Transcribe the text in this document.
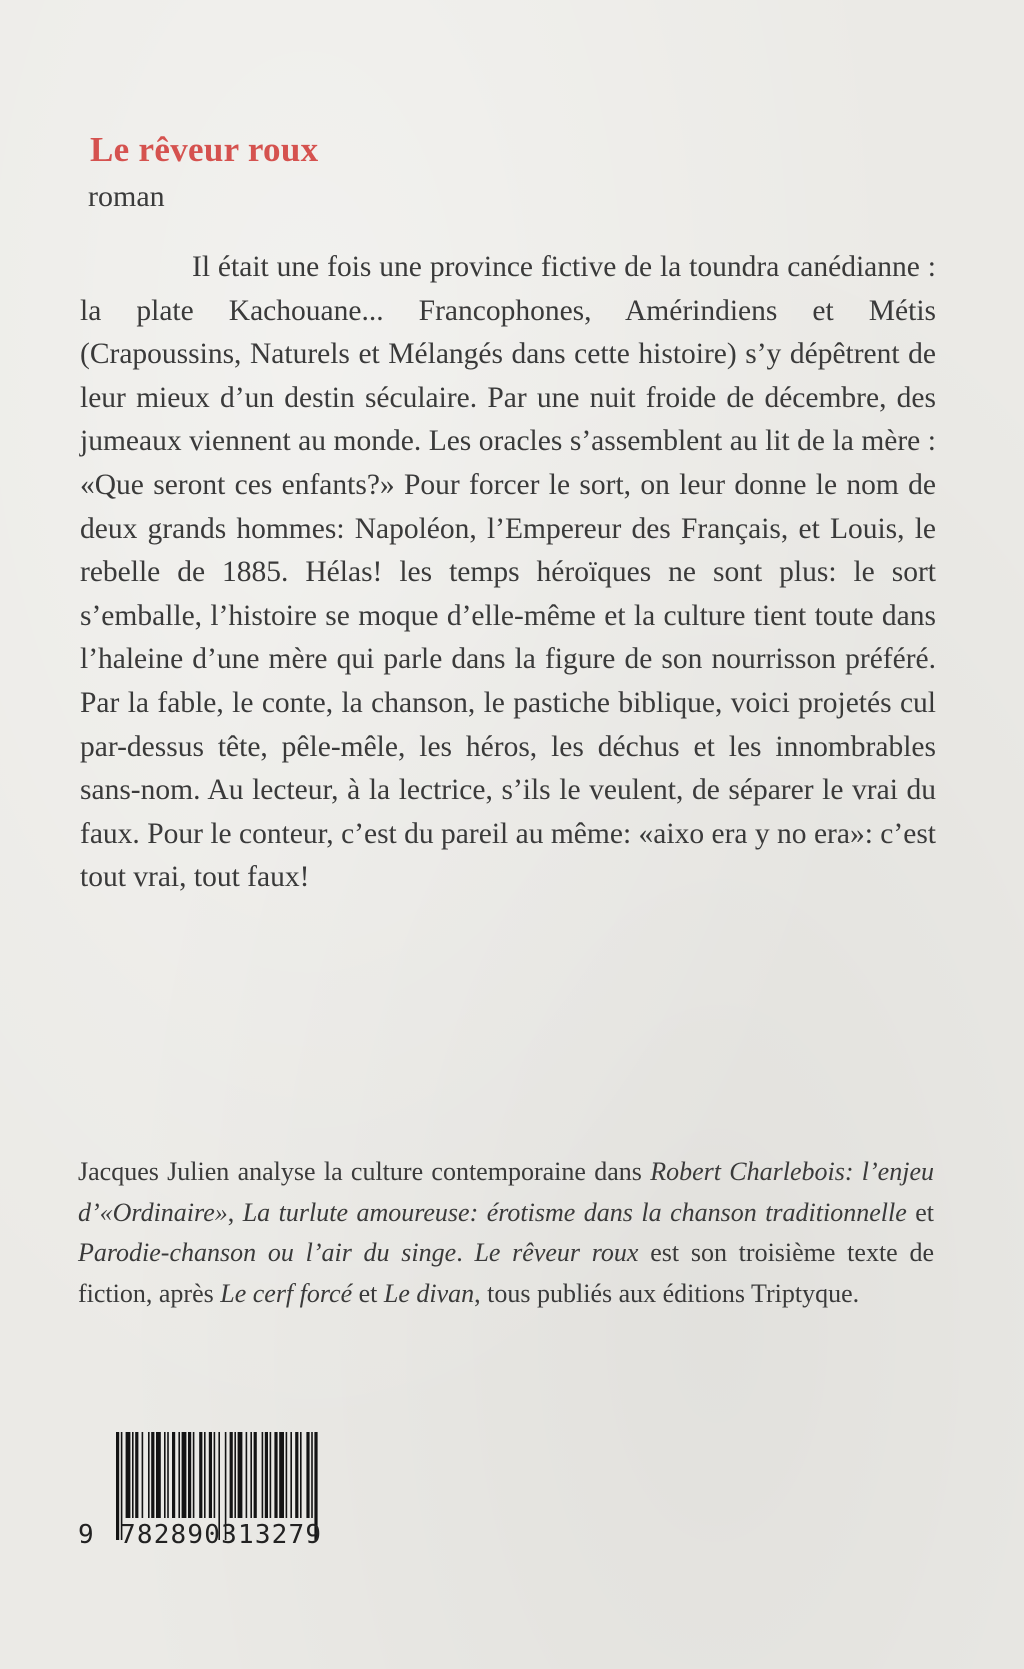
Le rêveur roux
roman

Il était une fois une province fictive de la toundra canédianne : la plate Kachouane... Francophones, Amérindiens et Métis (Crapoussins, Naturels et Mélangés dans cette histoire) s’y dépêtrent de leur mieux d’un destin séculaire. Par une nuit froide de décembre, des jumeaux viennent au monde. Les oracles s’assemblent au lit de la mère : «Que seront ces enfants?» Pour forcer le sort, on leur donne le nom de deux grands hommes: Napoléon, l’Empereur des Français, et Louis, le rebelle de 1885. Hélas! les temps héroïques ne sont plus: le sort s’emballe, l’histoire se moque d’elle-même et la culture tient toute dans l’haleine d’une mère qui parle dans la figure de son nourrisson préféré. Par la fable, le conte, la chanson, le pastiche biblique, voici projetés cul par-dessus tête, pêle-mêle, les héros, les déchus et les innombrables sans-nom. Au lecteur, à la lectrice, s’ils le veulent, de séparer le vrai du faux. Pour le conteur, c’est du pareil au même: «aixo era y no era»: c’est tout vrai, tout faux!

Jacques Julien analyse la culture contemporaine dans Robert Charlebois: l’enjeu d’«Ordinaire», La turlute amoureuse: érotisme dans la chanson traditionnelle et Parodie-chanson ou l’air du singe. Le rêveur roux est son troisième texte de fiction, après Le cerf forcé et Le divan, tous publiés aux éditions Triptyque.
9 782890313279
